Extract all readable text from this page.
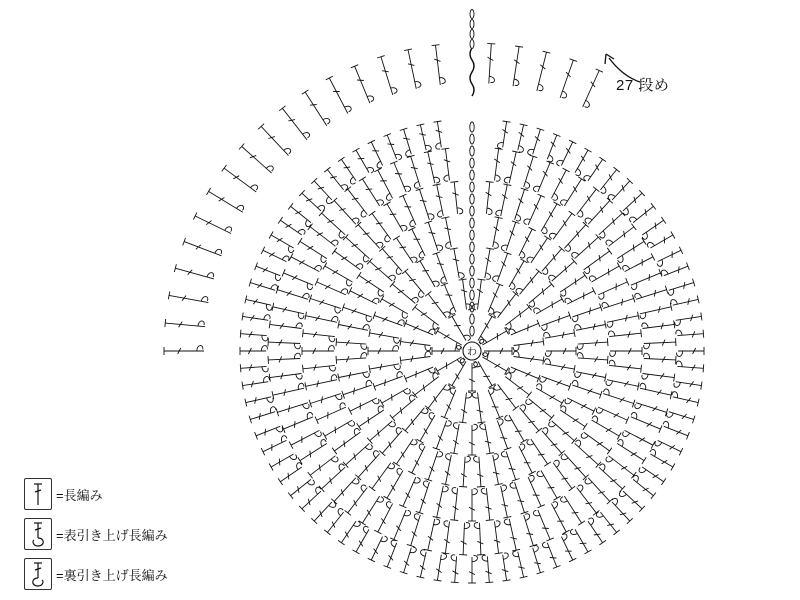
わ
27 段め
=長編み
=表引き上げ長編み
=裏引き上げ長編み
